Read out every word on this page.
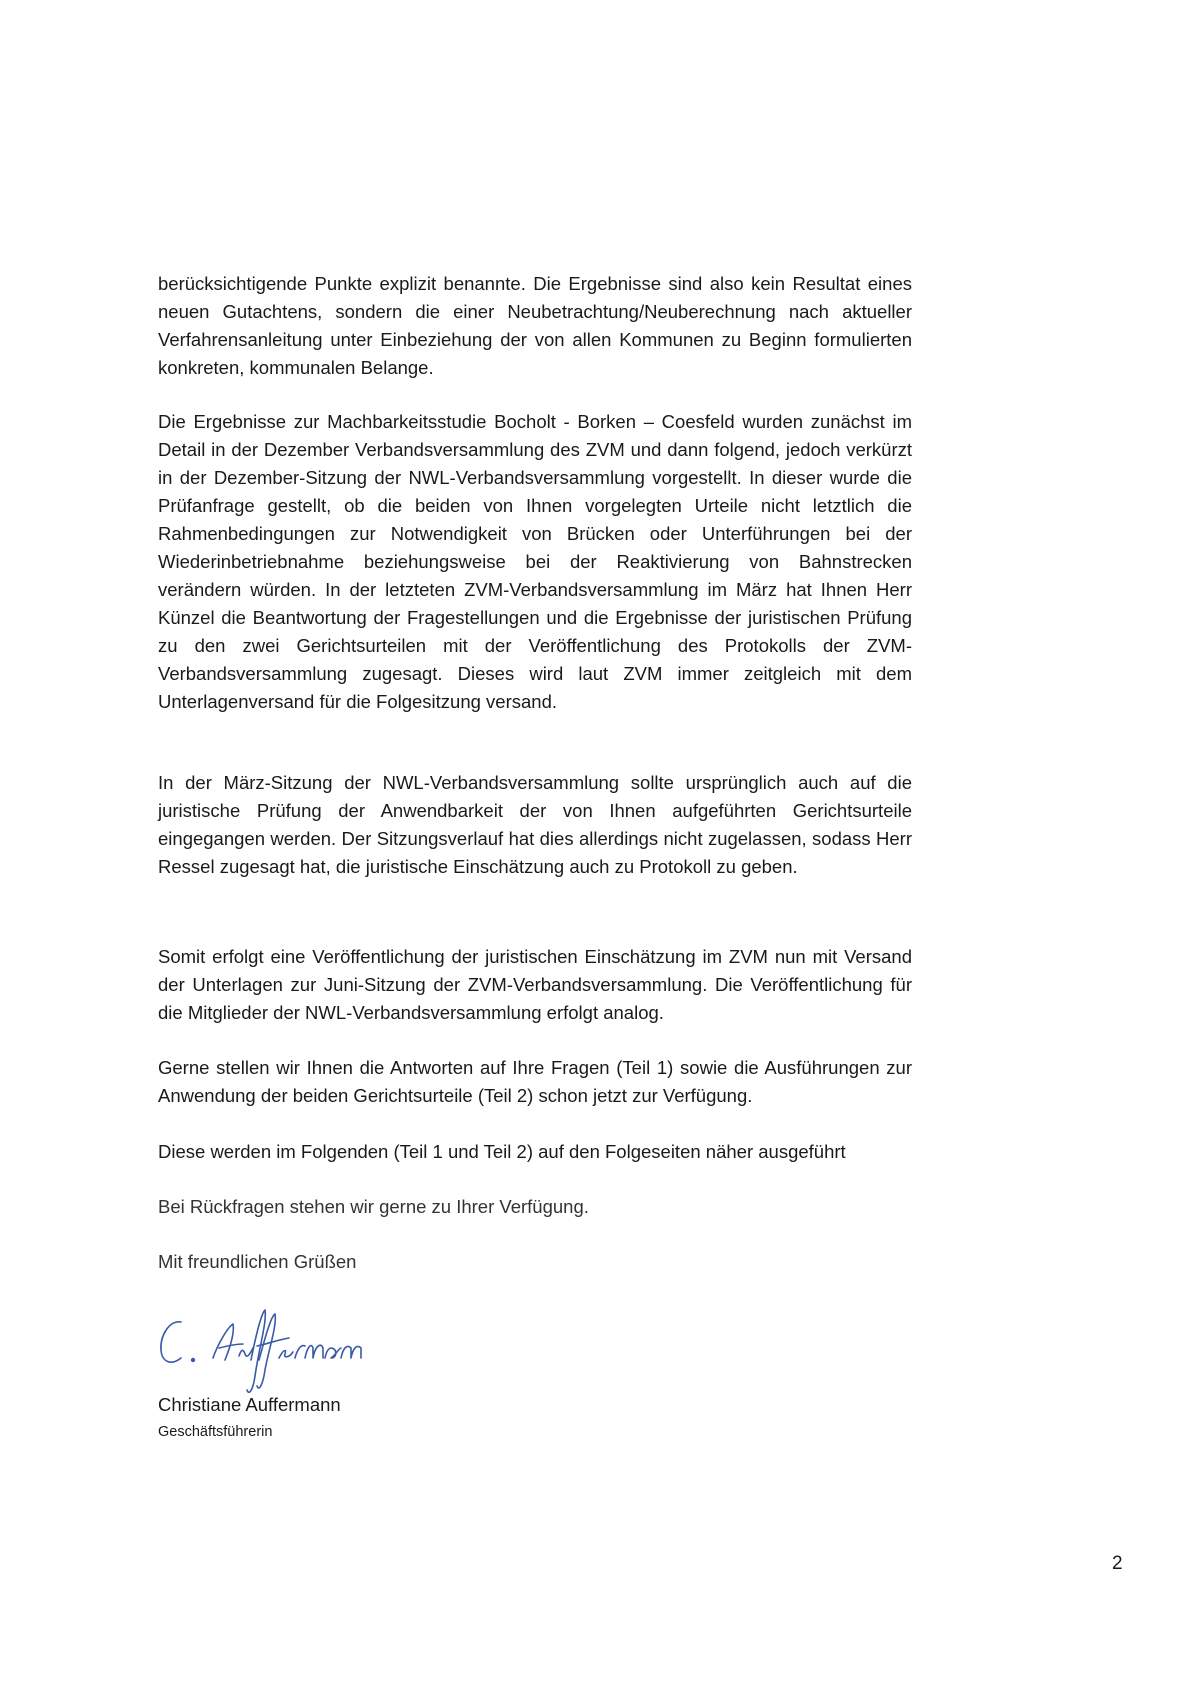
berücksichtigende Punkte explizit benannte. Die Ergebnisse sind also kein Resultat eines neuen Gutachtens, sondern die einer Neubetrachtung/Neuberechnung nach aktueller Verfahrensanleitung unter Einbeziehung der von allen Kommunen zu Beginn formulierten konkreten, kommunalen Belange.

Die Ergebnisse zur Machbarkeitsstudie Bocholt - Borken – Coesfeld wurden zunächst im Detail in der Dezember Verbandsversammlung des ZVM und dann folgend, jedoch verkürzt in der Dezember-Sitzung der NWL-Verbandsversammlung vorgestellt. In dieser wurde die Prüfanfrage gestellt, ob die beiden von Ihnen vorgelegten Urteile nicht letztlich die Rahmenbedingungen zur Notwendigkeit von Brücken oder Unterführungen bei der Wiederinbetriebnahme beziehungsweise bei der Reaktivierung von Bahnstrecken verändern würden. In der letzteten ZVM-Verbandsversammlung im März hat Ihnen Herr Künzel die Beantwortung der Fragestellungen und die Ergebnisse der juristischen Prüfung zu den zwei Gerichtsurteilen mit der Veröffentlichung des Protokolls der ZVM-Verbandsversammlung zugesagt. Dieses wird laut ZVM immer zeitgleich mit dem Unterlagenversand für die Folgesitzung versand.

In der März-Sitzung der NWL-Verbandsversammlung sollte ursprünglich auch auf die juristische Prüfung der Anwendbarkeit der von Ihnen aufgeführten Gerichtsurteile eingegangen werden. Der Sitzungsverlauf hat dies allerdings nicht zugelassen, sodass Herr Ressel zugesagt hat, die juristische Einschätzung auch zu Protokoll zu geben.

Somit erfolgt eine Veröffentlichung der juristischen Einschätzung im ZVM nun mit Versand der Unterlagen zur Juni-Sitzung der ZVM-Verbandsversammlung. Die Veröffentlichung für die Mitglieder der NWL-Verbandsversammlung erfolgt analog.

Gerne stellen wir Ihnen die Antworten auf Ihre Fragen (Teil 1) sowie die Ausführungen zur Anwendung der beiden Gerichtsurteile (Teil 2) schon jetzt zur Verfügung.

Diese werden im Folgenden (Teil 1 und Teil 2) auf den Folgeseiten näher ausgeführt

Bei Rückfragen stehen wir gerne zu Ihrer Verfügung.

Mit freundlichen Grüßen

Christiane Auffermann
Geschäftsführerin
2
